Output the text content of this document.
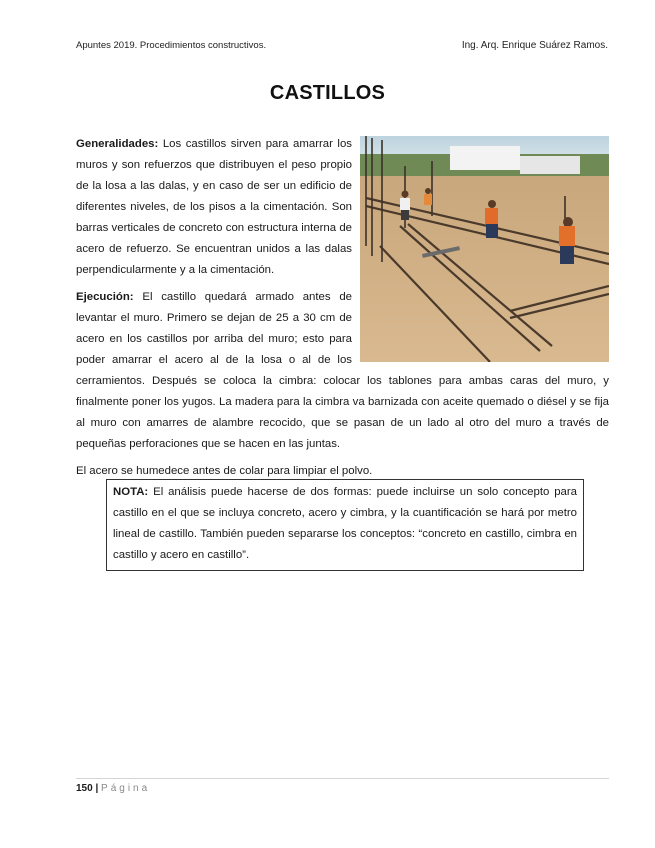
Apuntes 2019. Procedimientos constructivos.	Ing. Arq. Enrique Suárez Ramos.
CASTILLOS

Generalidades: Los castillos sirven para amarrar los muros y son refuerzos que distribuyen el peso propio de la losa a las dalas, y en caso de ser un edificio de diferentes niveles, de los pisos a la cimentación. Son barras verticales de concreto con estructura interna de acero de refuerzo. Se encuentran unidos a las dalas perpendicularmente y a la cimentación.

Ejecución: El castillo quedará armado antes de levantar el muro. Primero se dejan de 25 a 30 cm de acero en los castillos por arriba del muro; esto para poder amarrar el acero al de la losa o al de los cerramientos. Después se coloca la cimbra: colocar los tablones para ambas caras del muro, y finalmente poner los yugos. La madera para la cimbra va barnizada con aceite quemado o diésel y se fija al muro con amarres de alambre recocido, que se pasan de un lado al otro del muro a través de pequeñas perforaciones que se hacen en las juntas.

El acero se humedece antes de colar para limpiar el polvo.

NOTA: El análisis puede hacerse de dos formas: puede incluirse un solo concepto para castillo en el que se incluya concreto, acero y cimbra, y la cuantificación se hará por metro lineal de castillo. También pueden separarse los conceptos: “concreto en castillo, cimbra en castillo y acero en castillo”.
150 | Página
